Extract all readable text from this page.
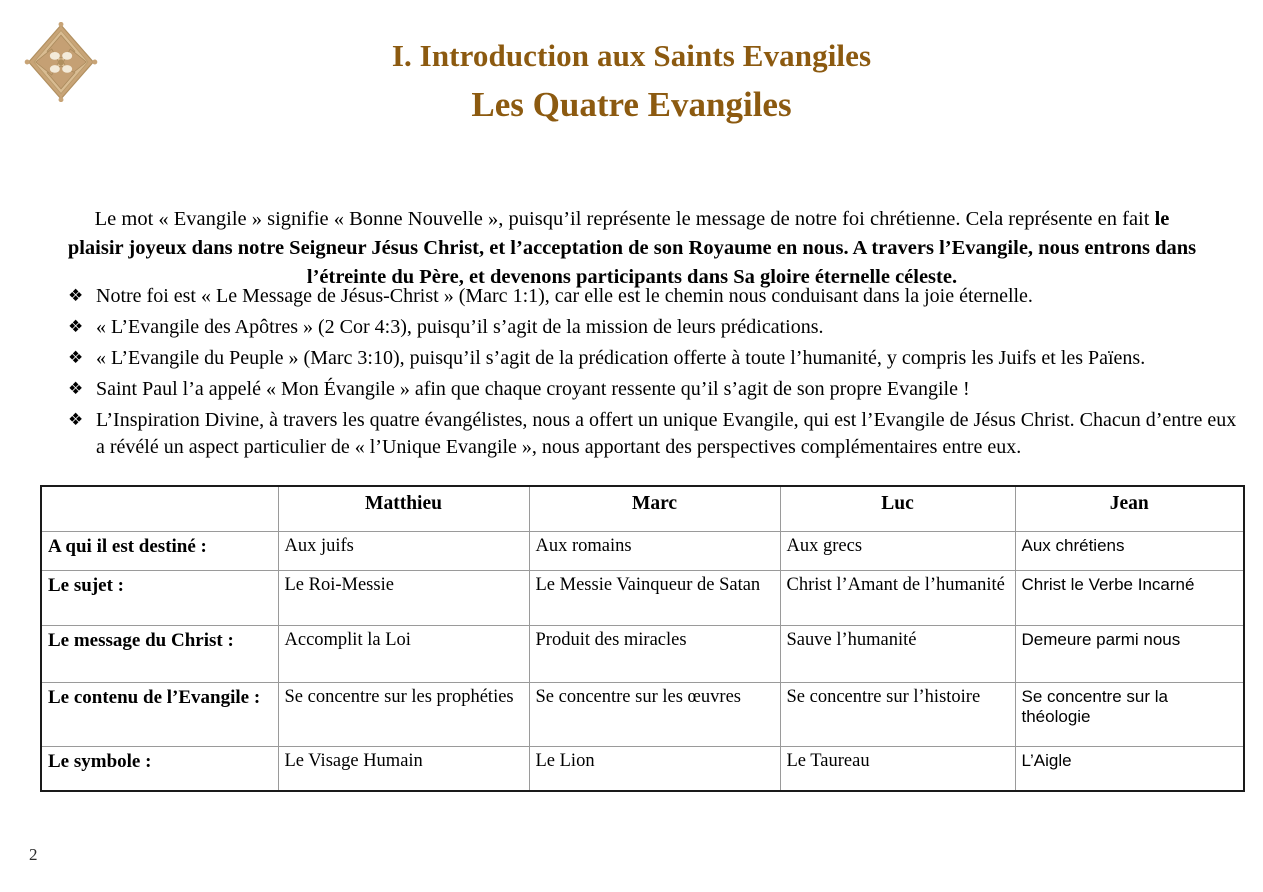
I. Introduction aux Saints Evangiles
Les Quatre Evangiles

Le mot « Evangile » signifie « Bonne Nouvelle », puisqu’il représente le message de notre foi chrétienne. Cela représente en fait le plaisir joyeux dans notre Seigneur Jésus Christ, et l’acceptation de son Royaume en nous. A travers l’Evangile, nous entrons dans l’étreinte du Père, et devenons participants dans Sa gloire éternelle céleste.

❖ Notre foi est « Le Message de Jésus-Christ » (Marc 1:1), car elle est le chemin nous conduisant dans la joie éternelle.
❖ « L’Evangile des Apôtres » (2 Cor 4:3), puisqu’il s’agit de la mission de leurs prédications.
❖ « L’Evangile du Peuple » (Marc 3:10), puisqu’il s’agit de la prédication offerte à toute l’humanité, y compris les Juifs et les Païens.
❖ Saint Paul l’a appelé « Mon Évangile » afin que chaque croyant ressente qu’il s’agit de son propre Evangile !
❖ L’Inspiration Divine, à travers les quatre évangélistes, nous a offert un unique Evangile, qui est l’Evangile de Jésus Christ. Chacun d’entre eux a révélé un aspect particulier de « l’Unique Evangile », nous apportant des perspectives complémentaires entre eux.
	Matthieu	Marc	Luc	Jean
A qui il est destiné :	Aux juifs	Aux romains	Aux grecs	Aux chrétiens
Le sujet :	Le Roi-Messie	Le Messie Vainqueur de Satan	Christ l’Amant de l’humanité	Christ le Verbe Incarné
Le message du Christ :	Accomplit la Loi	Produit des miracles	Sauve l’humanité	Demeure parmi nous
Le contenu de l’Evangile :	Se concentre sur les prophéties	Se concentre sur les œuvres	Se concentre sur l’histoire	Se concentre sur la théologie
Le symbole :	Le Visage Humain	Le Lion	Le Taureau	L’Aigle
2
